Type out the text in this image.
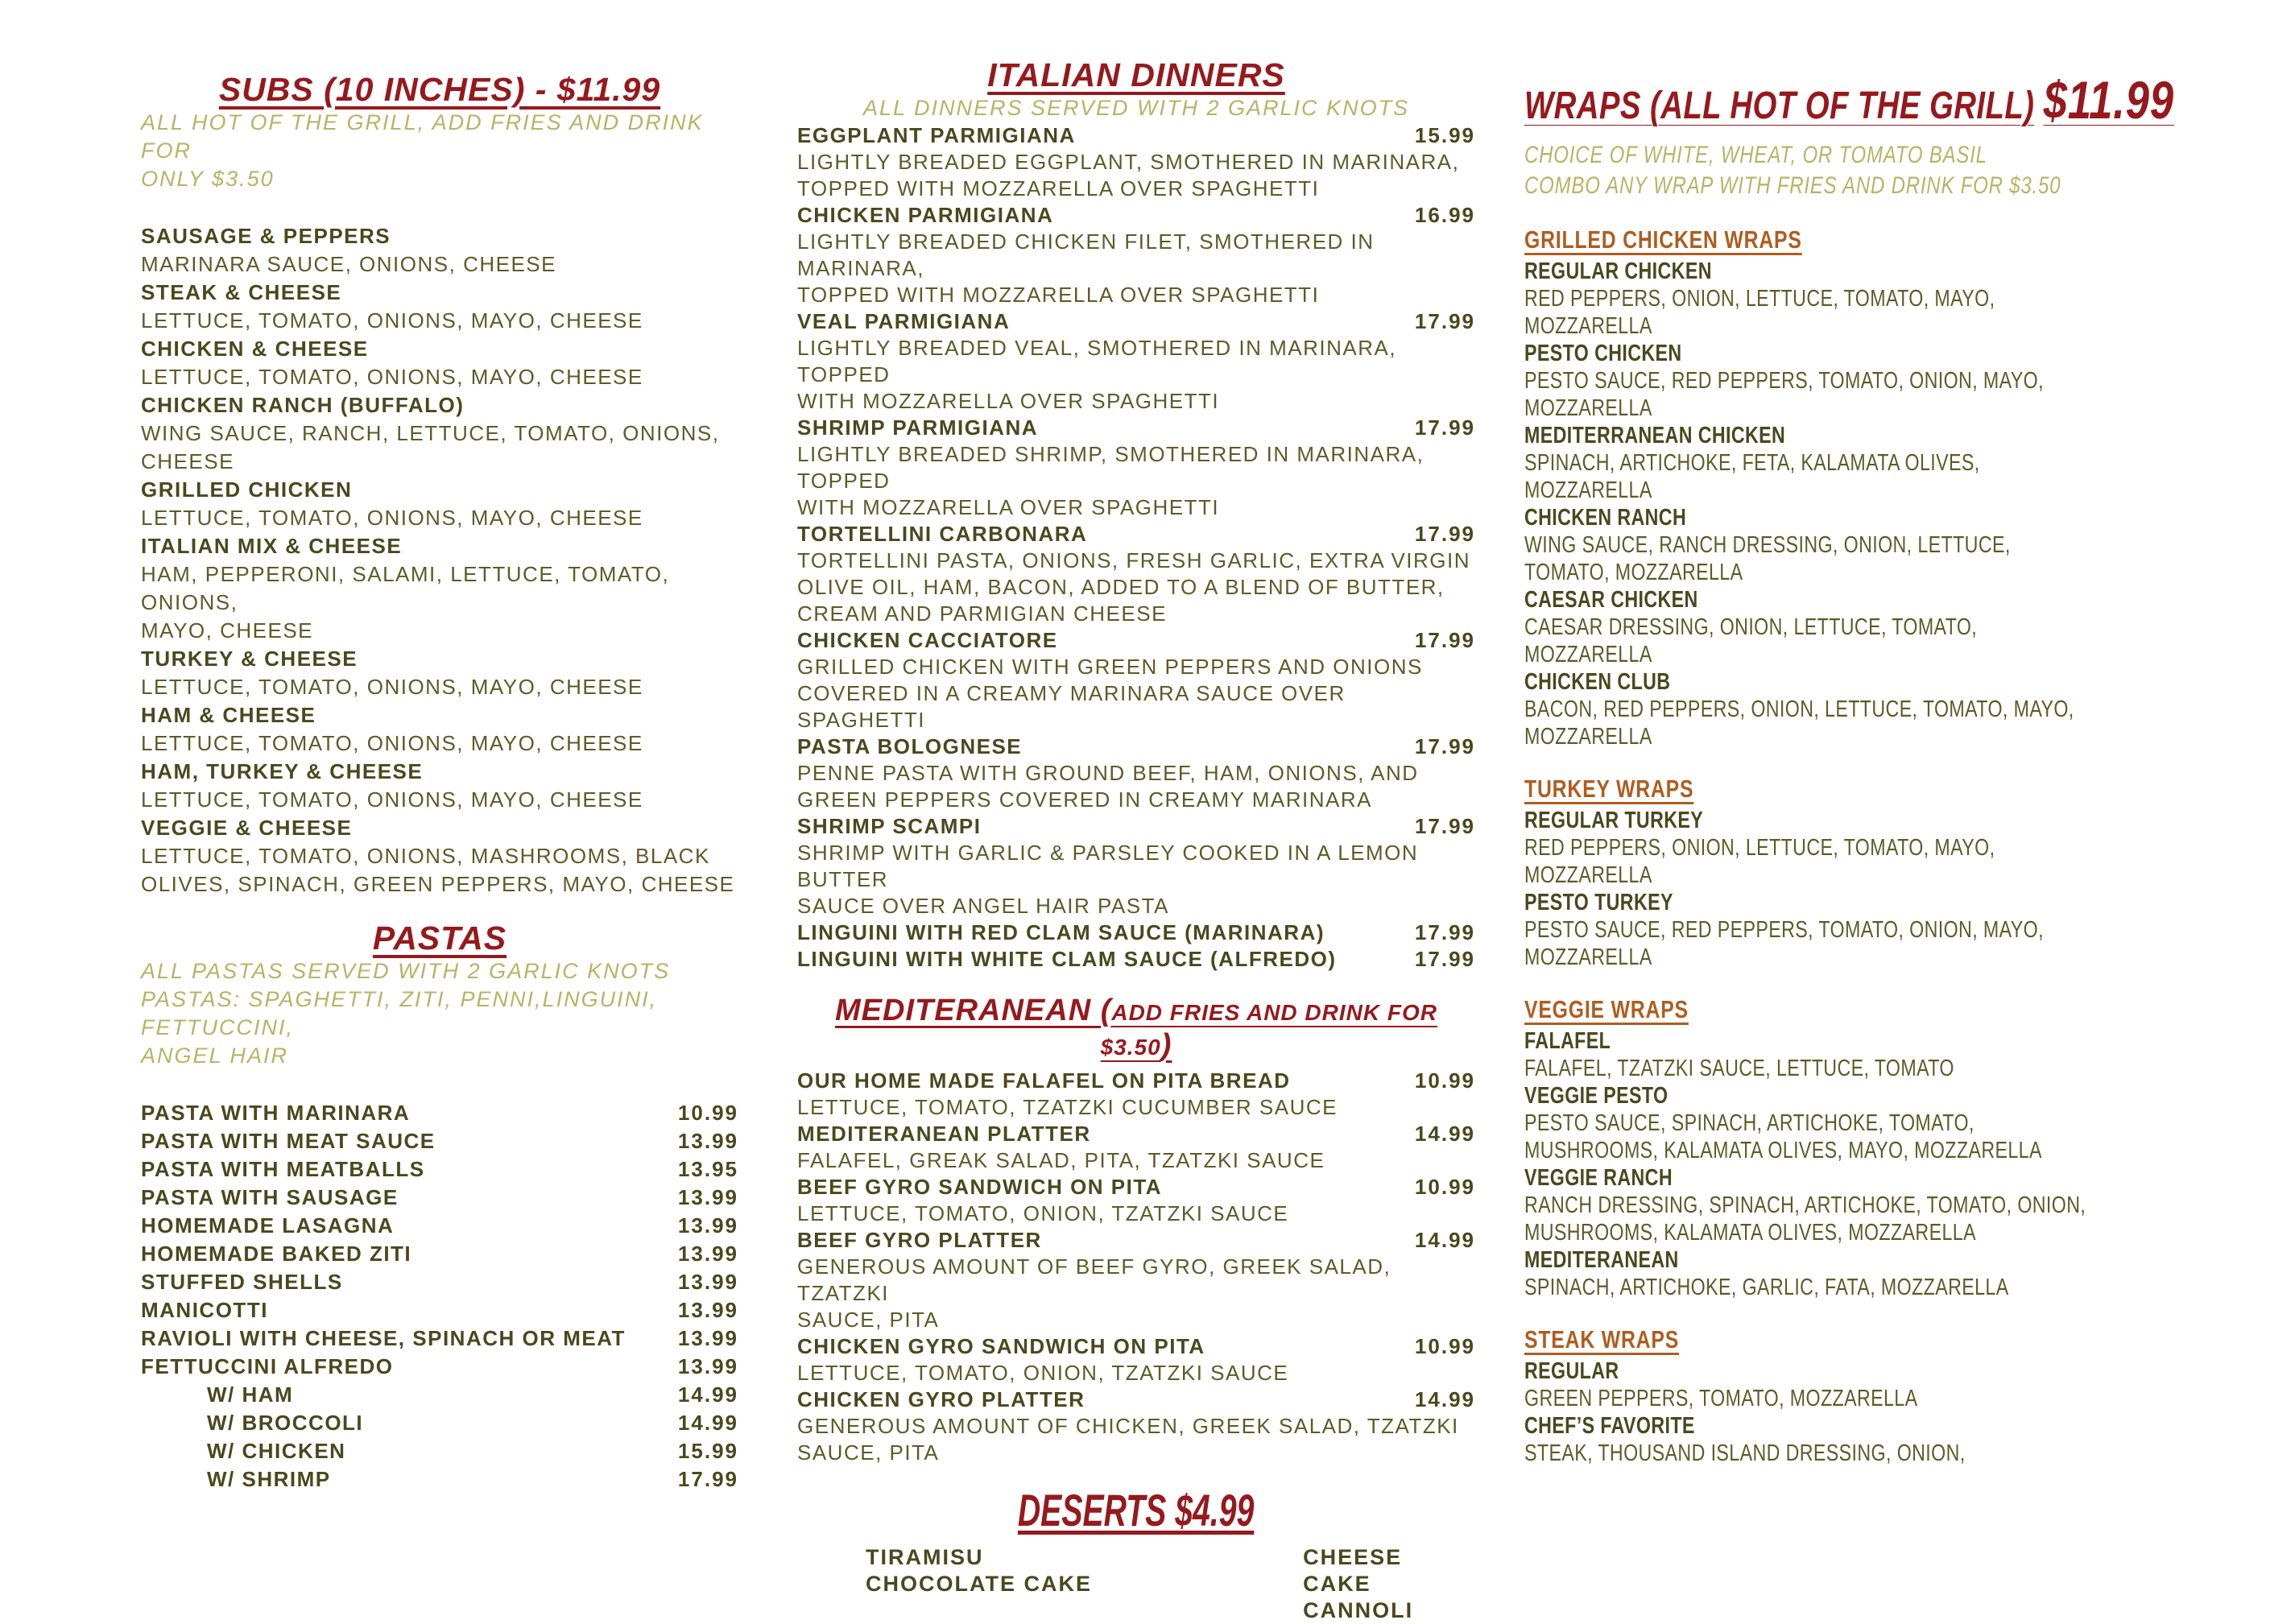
SUBS (10 INCHES) - $11.99
ALL HOT OF THE GRILL, ADD FRIES AND DRINK FOR
ONLY $3.50
SAUSAGE & PEPPERS
MARINARA SAUCE, ONIONS, CHEESE
STEAK & CHEESE
LETTUCE, TOMATO, ONIONS, MAYO, CHEESE
CHICKEN & CHEESE
LETTUCE, TOMATO, ONIONS, MAYO, CHEESE
CHICKEN RANCH (BUFFALO)
WING SAUCE, RANCH, LETTUCE, TOMATO, ONIONS,
CHEESE
GRILLED CHICKEN
LETTUCE, TOMATO, ONIONS, MAYO, CHEESE
ITALIAN MIX & CHEESE
HAM, PEPPERONI, SALAMI, LETTUCE, TOMATO, ONIONS,
MAYO, CHEESE
TURKEY & CHEESE
LETTUCE, TOMATO, ONIONS, MAYO, CHEESE
HAM & CHEESE
LETTUCE, TOMATO, ONIONS, MAYO, CHEESE
HAM, TURKEY & CHEESE
LETTUCE, TOMATO, ONIONS, MAYO, CHEESE
VEGGIE & CHEESE
LETTUCE, TOMATO, ONIONS, MASHROOMS, BLACK
OLIVES, SPINACH, GREEN PEPPERS, MAYO, CHEESE
PASTAS
ALL PASTAS SERVED WITH 2 GARLIC KNOTS
PASTAS: SPAGHETTI, ZITI, PENNI,LINGUINI, FETTUCCINI,
ANGEL HAIR
PASTA WITH MARINARA	10.99
PASTA WITH MEAT SAUCE	13.99
PASTA WITH MEATBALLS	13.95
PASTA WITH SAUSAGE	13.99
HOMEMADE LASAGNA	13.99
HOMEMADE BAKED ZITI	13.99
STUFFED SHELLS	13.99
MANICOTTI	13.99
RAVIOLI WITH CHEESE, SPINACH OR MEAT 13.99
FETTUCCINI ALFREDO	13.99
W/ HAM	14.99
W/ BROCCOLI	14.99
W/ CHICKEN	15.99
W/ SHRIMP	17.99
ITALIAN DINNERS
ALL DINNERS SERVED WITH 2 GARLIC KNOTS
EGGPLANT PARMIGIANA	15.99
LIGHTLY BREADED EGGPLANT, SMOTHERED IN MARINARA,
TOPPED WITH MOZZARELLA OVER SPAGHETTI
CHICKEN PARMIGIANA	16.99
LIGHTLY BREADED CHICKEN FILET, SMOTHERED IN MARINARA,
TOPPED WITH MOZZARELLA OVER SPAGHETTI
VEAL PARMIGIANA	17.99
LIGHTLY BREADED VEAL, SMOTHERED IN MARINARA, TOPPED
WITH MOZZARELLA OVER SPAGHETTI
SHRIMP PARMIGIANA	17.99
LIGHTLY BREADED SHRIMP, SMOTHERED IN MARINARA, TOPPED
WITH MOZZARELLA OVER SPAGHETTI
TORTELLINI CARBONARA	17.99
TORTELLINI PASTA, ONIONS, FRESH GARLIC, EXTRA VIRGIN
OLIVE OIL, HAM, BACON, ADDED TO A BLEND OF BUTTER,
CREAM AND PARMIGIAN CHEESE
CHICKEN CACCIATORE	17.99
GRILLED CHICKEN WITH GREEN PEPPERS AND ONIONS
COVERED IN A CREAMY MARINARA SAUCE OVER SPAGHETTI
PASTA BOLOGNESE	17.99
PENNE PASTA WITH GROUND BEEF, HAM, ONIONS, AND
GREEN PEPPERS COVERED IN CREAMY MARINARA
SHRIMP SCAMPI	17.99
SHRIMP WITH GARLIC & PARSLEY COOKED IN A LEMON BUTTER
SAUCE OVER ANGEL HAIR PASTA
LINGUINI WITH RED CLAM SAUCE (MARINARA)	17.99
LINGUINI WITH WHITE CLAM SAUCE (ALFREDO)	17.99
MEDITERANEAN (ADD FRIES AND DRINK FOR $3.50)
OUR HOME MADE FALAFEL ON PITA BREAD	10.99
LETTUCE, TOMATO, TZATZKI CUCUMBER SAUCE
MEDITERANEAN PLATTER	14.99
FALAFEL, GREAK SALAD, PITA, TZATZKI SAUCE
BEEF GYRO SANDWICH ON PITA	10.99
LETTUCE, TOMATO, ONION, TZATZKI SAUCE
BEEF GYRO PLATTER	14.99
GENEROUS AMOUNT OF BEEF GYRO, GREEK SALAD, TZATZKI
SAUCE, PITA
CHICKEN GYRO SANDWICH ON PITA	10.99
LETTUCE, TOMATO, ONION, TZATZKI SAUCE
CHICKEN GYRO PLATTER	14.99
GENEROUS AMOUNT OF CHICKEN, GREEK SALAD, TZATZKI
SAUCE, PITA
DESERTS $4.99
TIRAMISU
CHOCOLATE CAKE
CHEESE CAKE
CANNOLI
WRAPS (ALL HOT OF THE GRILL) $11.99
CHOICE OF WHITE, WHEAT, OR TOMATO BASIL
COMBO ANY WRAP WITH FRIES AND DRINK FOR $3.50
GRILLED CHICKEN WRAPS
REGULAR CHICKEN
RED PEPPERS, ONION, LETTUCE, TOMATO, MAYO,
MOZZARELLA
PESTO CHICKEN
PESTO SAUCE, RED PEPPERS, TOMATO, ONION, MAYO,
MOZZARELLA
MEDITERRANEAN CHICKEN
SPINACH, ARTICHOKE, FETA, KALAMATA OLIVES,
MOZZARELLA
CHICKEN RANCH
WING SAUCE, RANCH DRESSING, ONION, LETTUCE,
TOMATO, MOZZARELLA
CAESAR CHICKEN
CAESAR DRESSING, ONION, LETTUCE, TOMATO,
MOZZARELLA
CHICKEN CLUB
BACON, RED PEPPERS, ONION, LETTUCE, TOMATO, MAYO,
MOZZARELLA
TURKEY WRAPS
REGULAR TURKEY
RED PEPPERS, ONION, LETTUCE, TOMATO, MAYO,
MOZZARELLA
PESTO TURKEY
PESTO SAUCE, RED PEPPERS, TOMATO, ONION, MAYO,
MOZZARELLA
VEGGIE WRAPS
FALAFEL
FALAFEL, TZATZKI SAUCE, LETTUCE, TOMATO
VEGGIE PESTO
PESTO SAUCE, SPINACH, ARTICHOKE, TOMATO,
MUSHROOMS, KALAMATA OLIVES, MAYO, MOZZARELLA
VEGGIE RANCH
RANCH DRESSING, SPINACH, ARTICHOKE, TOMATO, ONION,
MUSHROOMS, KALAMATA OLIVES, MOZZARELLA
MEDITERANEAN
SPINACH, ARTICHOKE, GARLIC, FATA, MOZZARELLA
STEAK WRAPS
REGULAR
GREEN PEPPERS, TOMATO, MOZZARELLA
CHEF’S FAVORITE
STEAK, THOUSAND ISLAND DRESSING, ONION,
